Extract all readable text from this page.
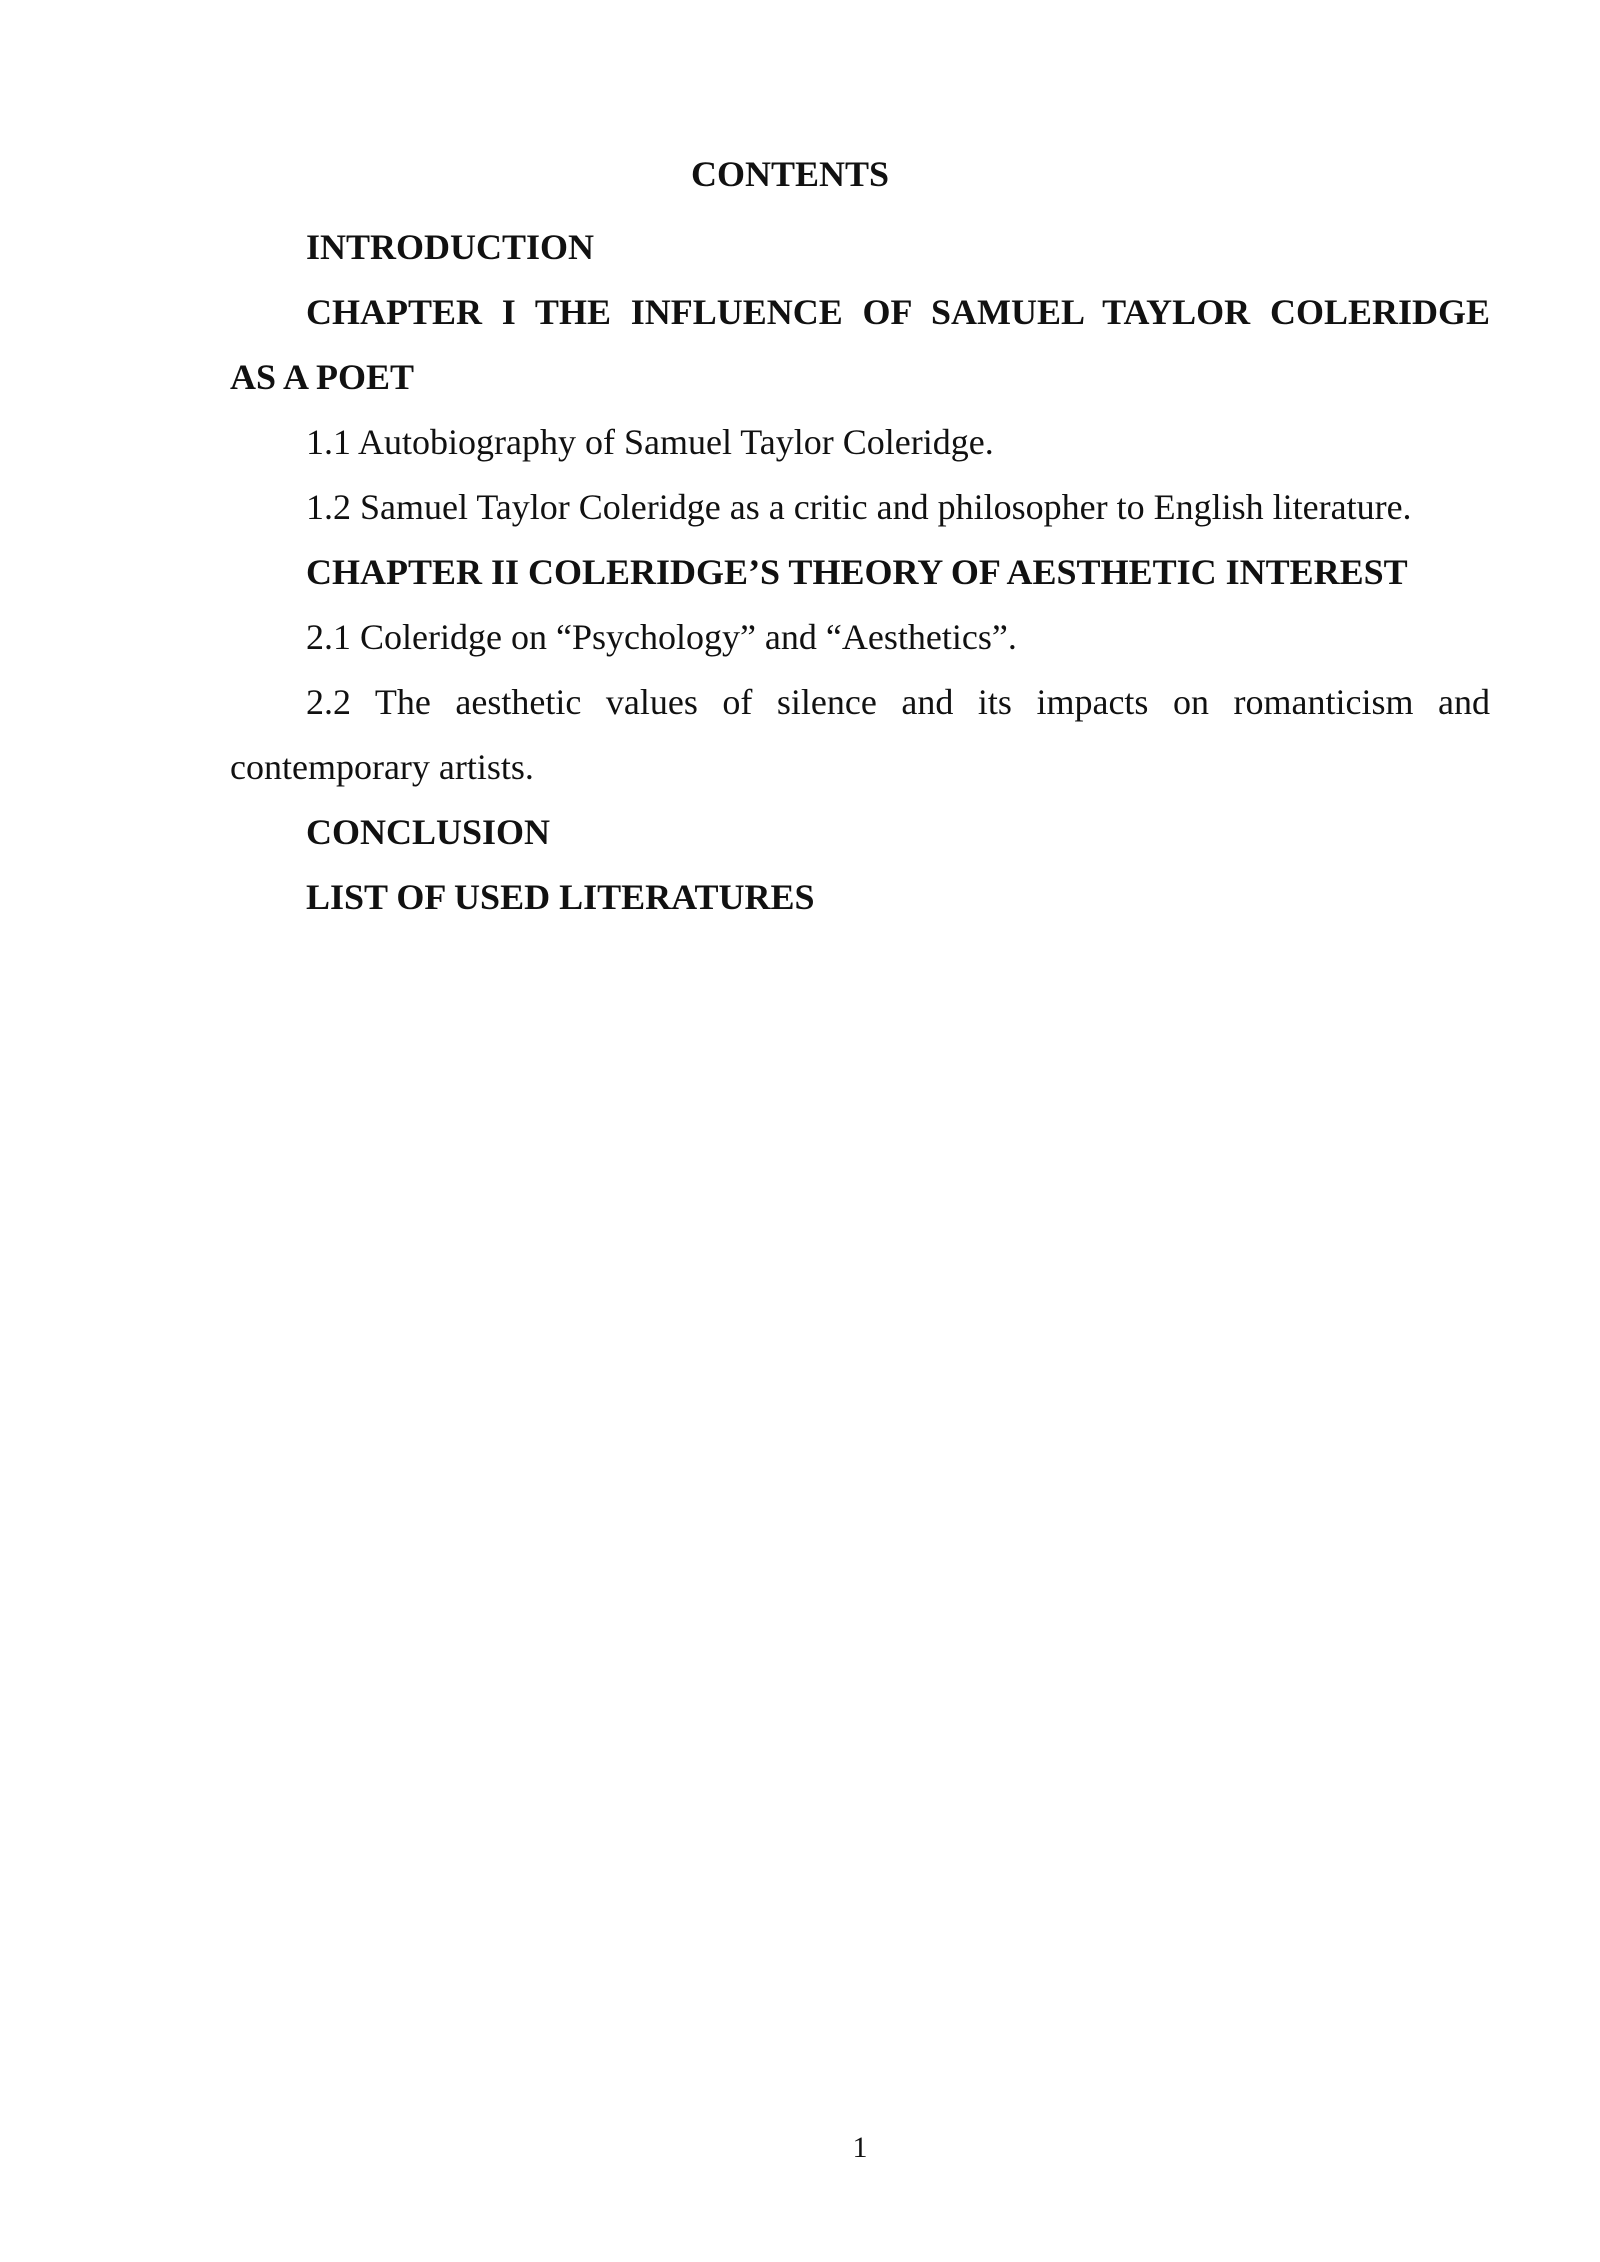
CONTENTS

INTRODUCTION

CHAPTER I THE INFLUENCE OF SAMUEL TAYLOR COLERIDGE

AS A POET

1.1 Autobiography of Samuel Taylor Coleridge.

1.2 Samuel Taylor Coleridge as a critic and philosopher to English literature.

CHAPTER II COLERIDGE’S THEORY OF AESTHETIC INTEREST

2.1 Coleridge on “Psychology” and “Aesthetics”.

2.2 The aesthetic values of silence and its impacts on romanticism and

contemporary artists.

CONCLUSION

LIST OF USED LITERATURES

1
